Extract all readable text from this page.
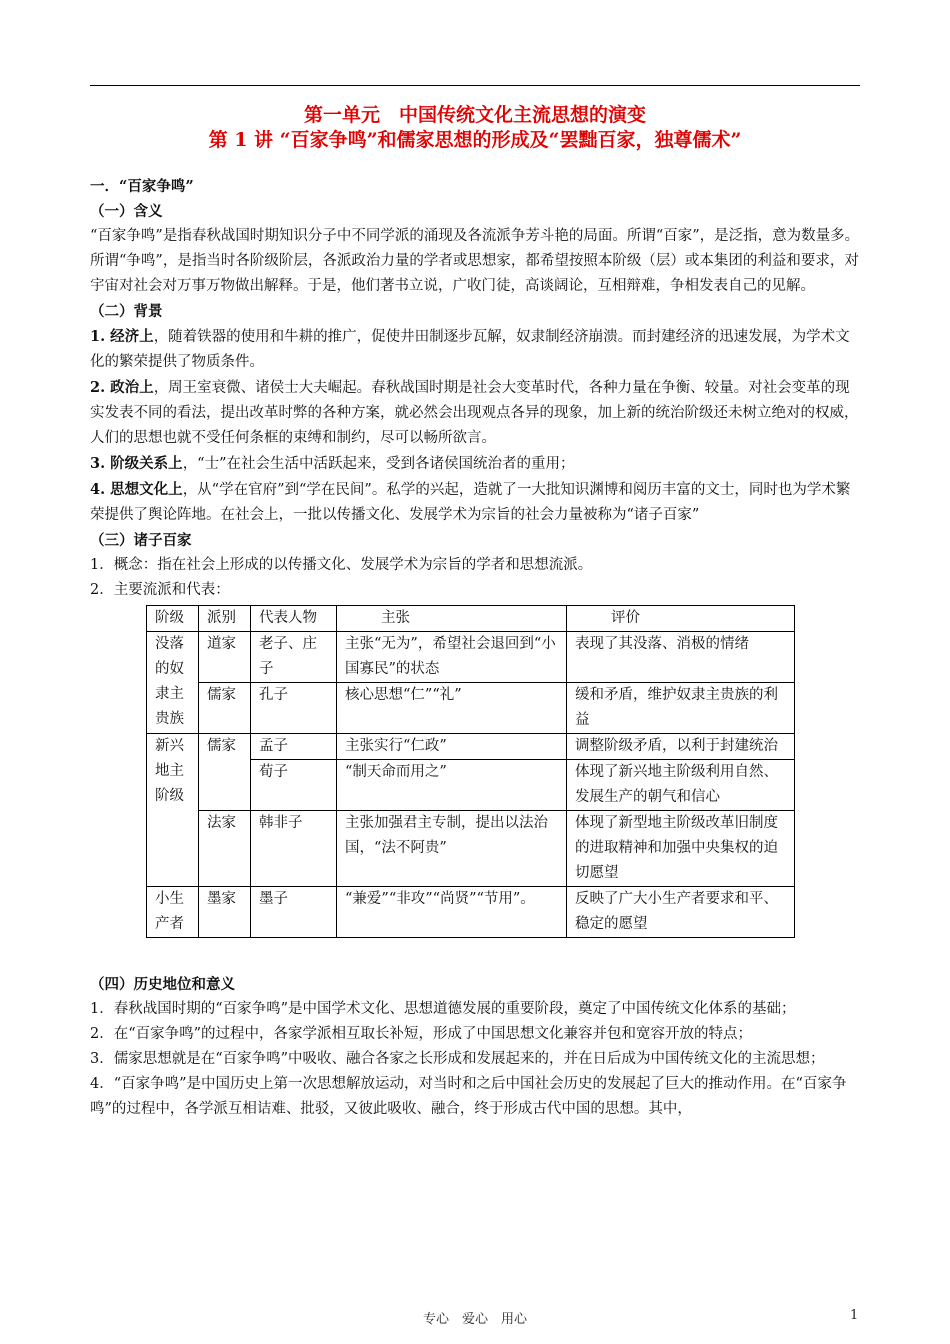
第一单元　中国传统文化主流思想的演变
第 1 讲 “百家争鸣”和儒家思想的形成及“罢黜百家，独尊儒术”

一．“百家争鸣”

（一）含义

“百家争鸣”是指春秋战国时期知识分子中不同学派的涌现及各流派争芳斗艳的局面。所谓“百家”，是泛指，意为数量多。所谓“争鸣”，是指当时各阶级阶层，各派政治力量的学者或思想家，都希望按照本阶级（层）或本集团的利益和要求，对宇宙对社会对万事万物做出解释。于是，他们著书立说，广收门徒，高谈阔论，互相辩难，争相发表自己的见解。

（二）背景

1. 经济上，随着铁器的使用和牛耕的推广，促使井田制逐步瓦解，奴隶制经济崩溃。而封建经济的迅速发展，为学术文化的繁荣提供了物质条件。

2. 政治上，周王室衰微、诸侯士大夫崛起。春秋战国时期是社会大变革时代，各种力量在争衡、较量。对社会变革的现实发表不同的看法，提出改革时弊的各种方案，就必然会出现观点各异的现象，加上新的统治阶级还未树立绝对的权威，人们的思想也就不受任何条框的束缚和制约，尽可以畅所欲言。

3. 阶级关系上，“士”在社会生活中活跃起来，受到各诸侯国统治者的重用；

4. 思想文化上，从“学在官府”到“学在民间”。私学的兴起，造就了一大批知识渊博和阅历丰富的文士，同时也为学术繁荣提供了舆论阵地。在社会上，一批以传播文化、发展学术为宗旨的社会力量被称为“诸子百家”

（三）诸子百家

1．概念：指在社会上形成的以传播文化、发展学术为宗旨的学者和思想流派。

2．主要流派和代表：

阶级	派别	代表人物	主张	评价
没落的奴隶主贵族	道家	老子、庄子	主张“无为”，希望社会退回到“小国寡民”的状态	表现了其没落、消极的情绪
	儒家	孔子	核心思想“仁”“礼”	缓和矛盾，维护奴隶主贵族的利益
新兴地主阶级	儒家	孟子	主张实行“仁政”	调整阶级矛盾，以利于封建统治
		荀子	“制天命而用之”	体现了新兴地主阶级利用自然、发展生产的朝气和信心
	法家	韩非子	主张加强君主专制，提出以法治国，“法不阿贵”	体现了新型地主阶级改革旧制度的进取精神和加强中央集权的迫切愿望
小生产者	墨家	墨子	“兼爱”“非攻”“尚贤”“节用”。	反映了广大小生产者要求和平、稳定的愿望

（四）历史地位和意义

1．春秋战国时期的“百家争鸣”是中国学术文化、思想道德发展的重要阶段，奠定了中国传统文化体系的基础；

2．在“百家争鸣”的过程中，各家学派相互取长补短，形成了中国思想文化兼容并包和宽容开放的特点；

3．儒家思想就是在“百家争鸣”中吸收、融合各家之长形成和发展起来的，并在日后成为中国传统文化的主流思想；

4．“百家争鸣”是中国历史上第一次思想解放运动，对当时和之后中国社会历史的发展起了巨大的推动作用。在“百家争鸣”的过程中，各学派互相诘难、批驳，又彼此吸收、融合，终于形成古代中国的思想。其中，

专心　爱心　用心	1
